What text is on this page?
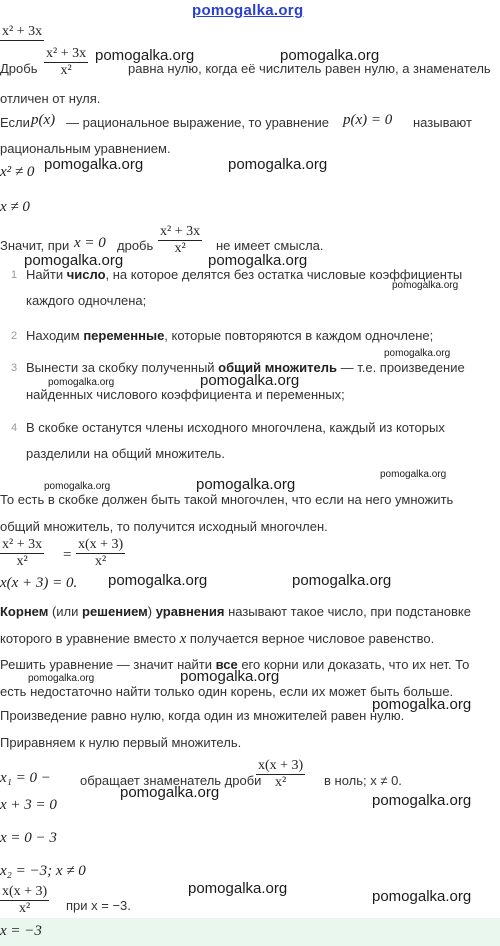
pomogalka.org
x² + 3x
Дробь $\frac{\text{x² + 3x}}{\text{x²}}$	равна нулю, когда её числитель равен нулю, а знаменатель
отличен от нуля.
Если p(x) — рациональное выражение, то уравнение p(x) = 0 называют
рациональным уравнением.
x² ≠ 0
x ≠ 0
Значит, при x = 0 дробь $\frac{\text{x² + 3x}}{\text{x²}}$ не имеет смысла.
1 Найти число, на которое делятся без остатка числовые коэффициенты
каждого одночлена;
2 Находим переменные, которые повторяются в каждом одночлене;
3 Вынести за скобку полученный общий множитель — т.е. произведение
найденных числового коэффициента и переменных;
4 В скобке останутся члены исходного многочлена, каждый из которых
разделили на общий множитель.
То есть в скобке должен быть такой многочлен, что если на него умножить
общий множитель, то получится исходный многочлен.
$\frac{\text{x² + 3x}}{\text{x²}} = \frac{x(x + 3)}{\text{x²}}$
x(x + 3) = 0.
Корнем (или решением) уравнения называют такое число, при подстановке
которого в уравнение вместо x получается верное числовое равенство.
Решить уравнение — значит найти все его корни или доказать, что их нет. То
есть недостаточно найти только один корень, если их может быть больше.
Произведение равно нулю, когда один из множителей равен нулю.
Приравняем к нулю первый множитель.
x₁ = 0 − обращает знаменатель дроби
$\frac{x(x + 3)}{\text{x²}}$ в ноль; x ≠ 0.
x + 3 = 0
x = 0 − 3
x₂ = −3; x ≠ 0
$\frac{x(x + 3)}{\text{x²}}$ при x = −3.
x = −3
pomogalka.org	pomogalka.org
pomogalka.org	pomogalka.org
pomogalka.org	pomogalka.org
pomogalka.org
pomogalka.org
pomogalka.org	pomogalka.org
pomogalka.org
pomogalka.org	pomogalka.org
pomogalka.org	pomogalka.org
pomogalka.org	pomogalka.org
pomogalka.org
pomogalka.org	pomogalka.org
pomogalka.org	pomogalka.org
